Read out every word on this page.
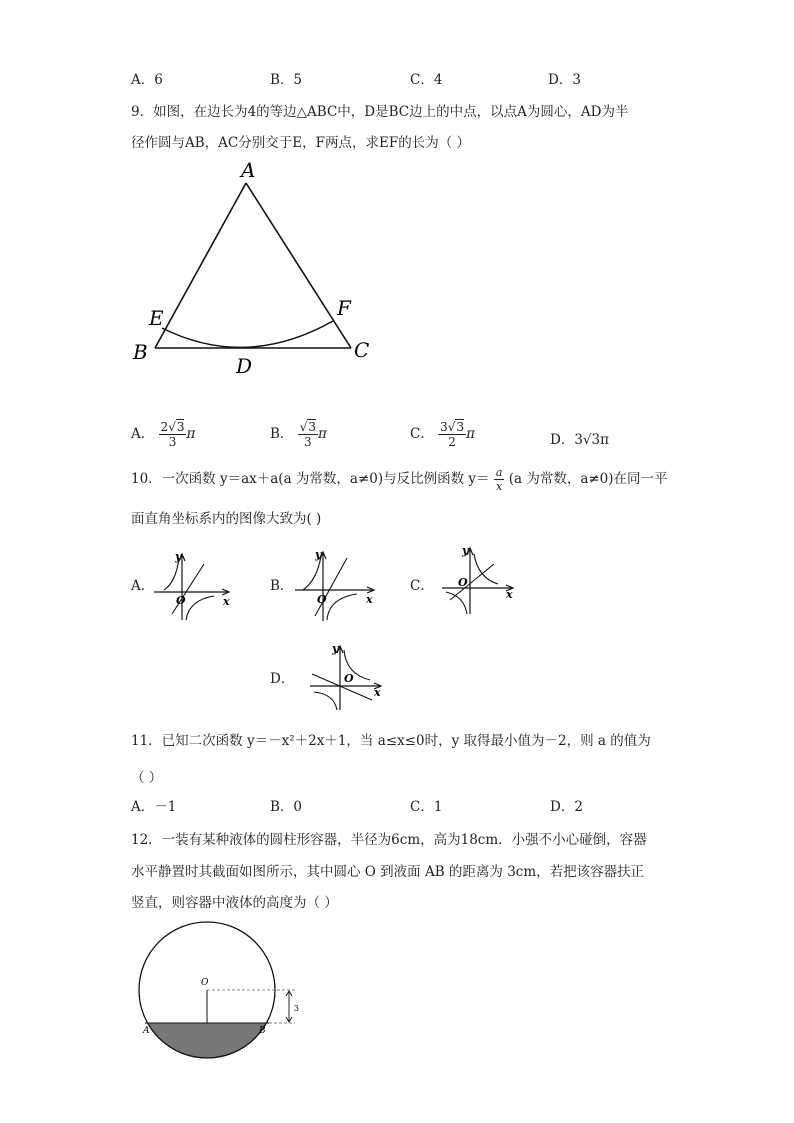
A．6	B．5	C．4	D．3
9．如图，在边长为4的等边△ABC中，D是BC边上的中点，以点A为圆心，AD为半
径作圆与AB，AC分别交于E，F两点，求EF的长为（ ）
A
B	C
D
E	F
A． $\frac{2√3}{3}$ π	B． $\frac{√3}{3}$ π	C． $\frac{3√3}{2}$ π	D．3√3π
10．一次函数 y＝ax＋a(a 为常数，a≠0)与反比例函数 $y= \frac{a}{x} (a$ 为常数，a≠0)在同一平
面直角坐标系内的图像大致为( )
A．
y
x
O
B．
y
x
O
C．
y
x
O
D．
y
x
O
11．已知二次函数 y＝－x²＋2x＋1，当 a≤x≤0时，y 取得最小值为－2，则 a 的值为
（ ）
A．－1	B．0	C．1	D．2
12．一装有某种液体的圆柱形容器，半径为6cm，高为18cm．小强不小心碰倒，容器
水平静置时其截面如图所示，其中圆心 O 到液面 AB 的距离为 3cm，若把该容器扶正
竖直，则容器中液体的高度为（ ）
O
A	B
3
